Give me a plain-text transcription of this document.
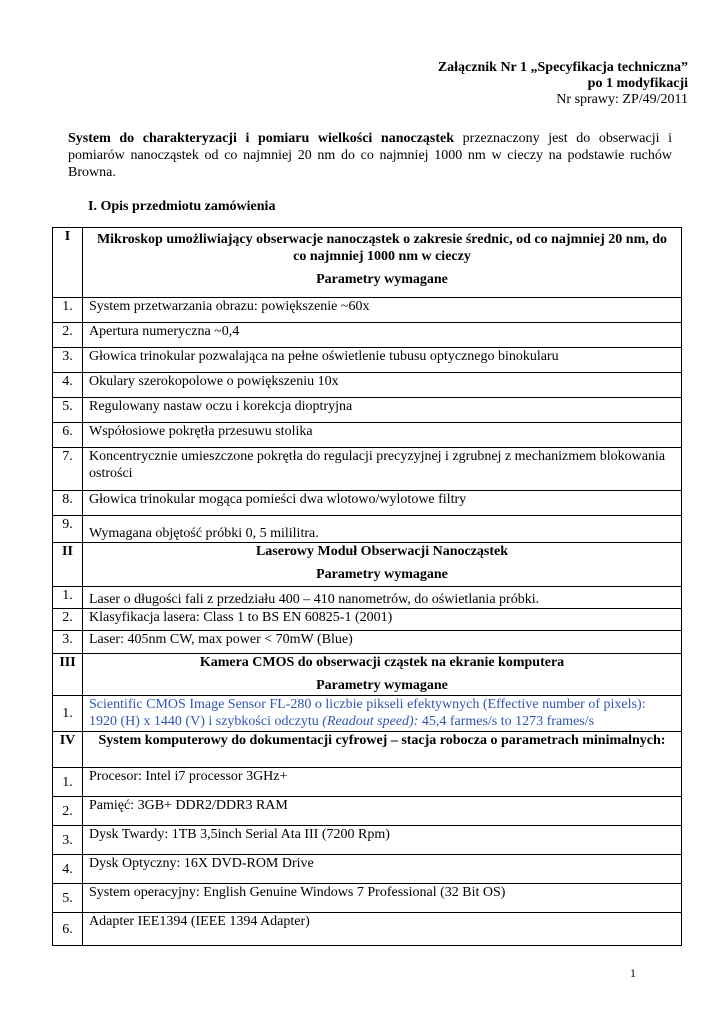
Załącznik Nr 1 „Specyfikacja techniczna”
po 1 modyfikacji
Nr sprawy: ZP/49/2011
System do charakteryzacji i pomiaru wielkości nanocząstek przeznaczony jest do obserwacji i pomiarów nanocząstek od co najmniej 20 nm do co najmniej 1000 nm w cieczy na podstawie ruchów Browna.
I. Opis przedmiotu zamówienia
I	Mikroskop umożliwiający obserwacje nanocząstek o zakresie średnic, od co najmniej 20 nm, do co najmniej 1000 nm w cieczy
Parametry wymagane

1.	System przetwarzania obrazu: powiększenie ~60x
2.	Apertura numeryczna ~0,4
3.	Głowica trinokular pozwalająca na pełne oświetlenie tubusu optycznego binokularu
4.	Okulary szerokopolowe o powiększeniu 10x
5.	Regulowany nastaw oczu i korekcja dioptryjna
6.	Współosiowe pokrętła przesuwu stolika
7.	Koncentrycznie umieszczone pokrętła do regulacji precyzyjnej i zgrubnej z mechanizmem blokowania ostrości
8.	Głowica trinokular mogąca pomieści dwa wlotowo/wylotowe filtry
9.	Wymagana objętość próbki 0, 5 mililitra.
II	Laserowy Moduł Obserwacji Nanocząstek
Parametry wymagane

1.	Laser o długości fali z przedziału 400 – 410 nanometrów, do oświetlania próbki.
2.	Klasyfikacja lasera: Class 1 to BS EN 60825-1 (2001)
3.	Laser: 405nm CW, max power < 70mW (Blue)
III	Kamera CMOS do obserwacji cząstek na ekranie komputera
Parametry wymagane

1.	Scientific CMOS Image Sensor FL-280 o liczbie pikseli efektywnych (Effective number of pixels): 1920 (H) x 1440 (V) i szybkości odczytu (Readout speed): 45,4 farmes/s to 1273 frames/s
IV	System komputerowy do dokumentacji cyfrowej – stacja robocza o parametrach minimalnych:

1.	Procesor: Intel i7 processor 3GHz+
2.	Pamięć: 3GB+ DDR2/DDR3 RAM
3.	Dysk Twardy: 1TB 3,5inch Serial Ata III (7200 Rpm)
4.	Dysk Optyczny: 16X DVD-ROM Drive
5.	System operacyjny: English Genuine Windows 7 Professional (32 Bit OS)
6.	Adapter IEE1394 (IEEE 1394 Adapter)
1
